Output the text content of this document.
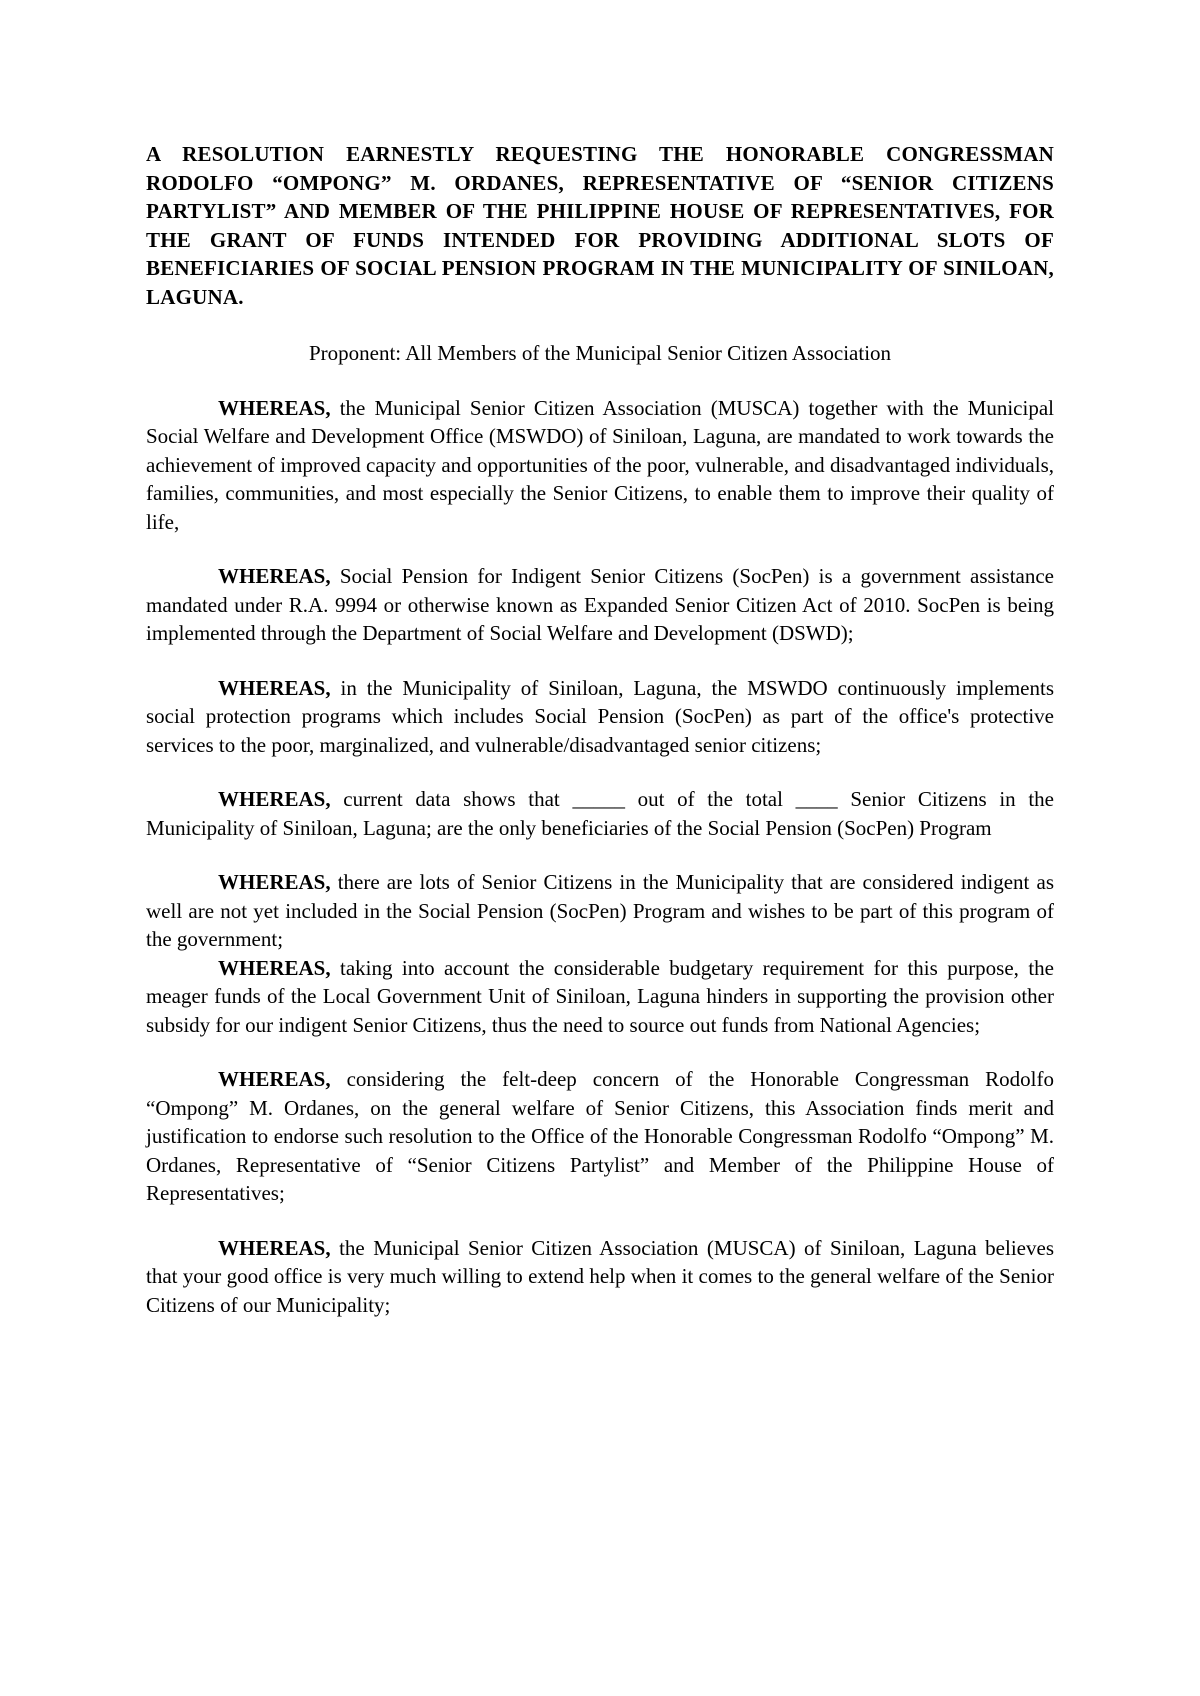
A RESOLUTION EARNESTLY REQUESTING THE HONORABLE CONGRESSMAN RODOLFO “OMPONG” M. ORDANES, REPRESENTATIVE OF “SENIOR CITIZENS PARTYLIST” AND MEMBER OF THE PHILIPPINE HOUSE OF REPRESENTATIVES, FOR THE GRANT OF FUNDS INTENDED FOR PROVIDING ADDITIONAL SLOTS OF BENEFICIARIES OF SOCIAL PENSION PROGRAM IN THE MUNICIPALITY OF SINILOAN, LAGUNA.

Proponent: All Members of the Municipal Senior Citizen Association

WHEREAS, the Municipal Senior Citizen Association (MUSCA) together with the Municipal Social Welfare and Development Office (MSWDO) of Siniloan, Laguna, are mandated to work towards the achievement of improved capacity and opportunities of the poor, vulnerable, and disadvantaged individuals, families, communities, and most especially the Senior Citizens, to enable them to improve their quality of life,

WHEREAS, Social Pension for Indigent Senior Citizens (SocPen) is a government assistance mandated under R.A. 9994 or otherwise known as Expanded Senior Citizen Act of 2010. SocPen is being implemented through the Department of Social Welfare and Development (DSWD);

WHEREAS, in the Municipality of Siniloan, Laguna, the MSWDO continuously implements social protection programs which includes Social Pension (SocPen) as part of the office's protective services to the poor, marginalized, and vulnerable/disadvantaged senior citizens;

WHEREAS, current data shows that _____ out of the total ____ Senior Citizens in the Municipality of Siniloan, Laguna; are the only beneficiaries of the Social Pension (SocPen) Program

WHEREAS, there are lots of Senior Citizens in the Municipality that are considered indigent as well are not yet included in the Social Pension (SocPen) Program and wishes to be part of this program of the government;

WHEREAS, taking into account the considerable budgetary requirement for this purpose, the meager funds of the Local Government Unit of Siniloan, Laguna hinders in supporting the provision other subsidy for our indigent Senior Citizens, thus the need to source out funds from National Agencies;

WHEREAS, considering the felt-deep concern of the Honorable Congressman Rodolfo “Ompong” M. Ordanes, on the general welfare of Senior Citizens, this Association finds merit and justification to endorse such resolution to the Office of the Honorable Congressman Rodolfo “Ompong” M. Ordanes, Representative of “Senior Citizens Partylist” and Member of the Philippine House of Representatives;

WHEREAS, the Municipal Senior Citizen Association (MUSCA) of Siniloan, Laguna believes that your good office is very much willing to extend help when it comes to the general welfare of the Senior Citizens of our Municipality;
